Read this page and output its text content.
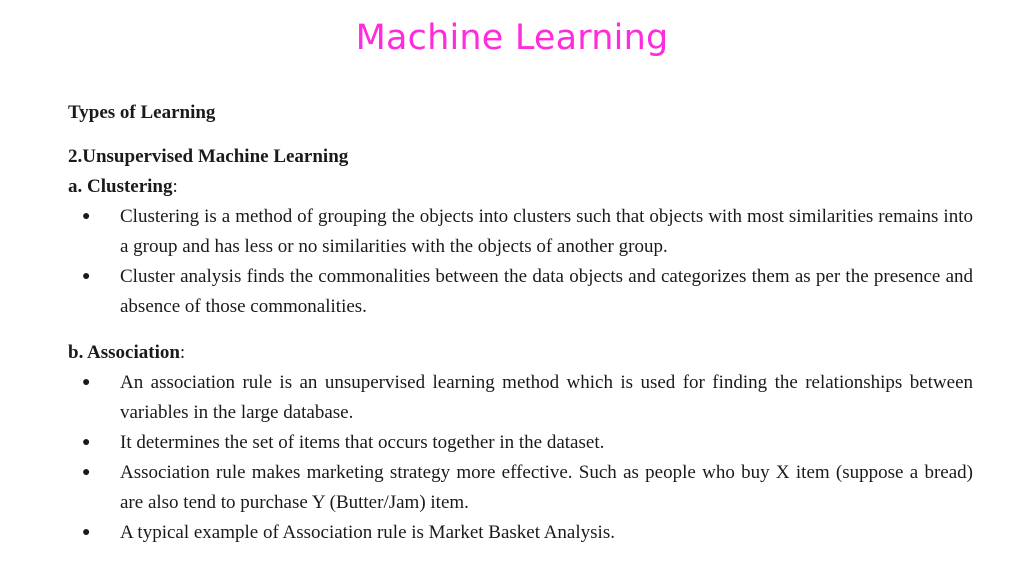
Machine Learning

Types of Learning

2.Unsupervised Machine Learning

a. Clustering:

● Clustering is a method of grouping the objects into clusters such that objects with most similarities remains into a group and has less or no similarities with the objects of another group.
● Cluster analysis finds the commonalities between the data objects and categorizes them as per the presence and absence of those commonalities.

b. Association:

● An association rule is an unsupervised learning method which is used for finding the relationships between variables in the large database.
● It determines the set of items that occurs together in the dataset.
● Association rule makes marketing strategy more effective. Such as people who buy X item (suppose a bread) are also tend to purchase Y (Butter/Jam) item.
● A typical example of Association rule is Market Basket Analysis.
